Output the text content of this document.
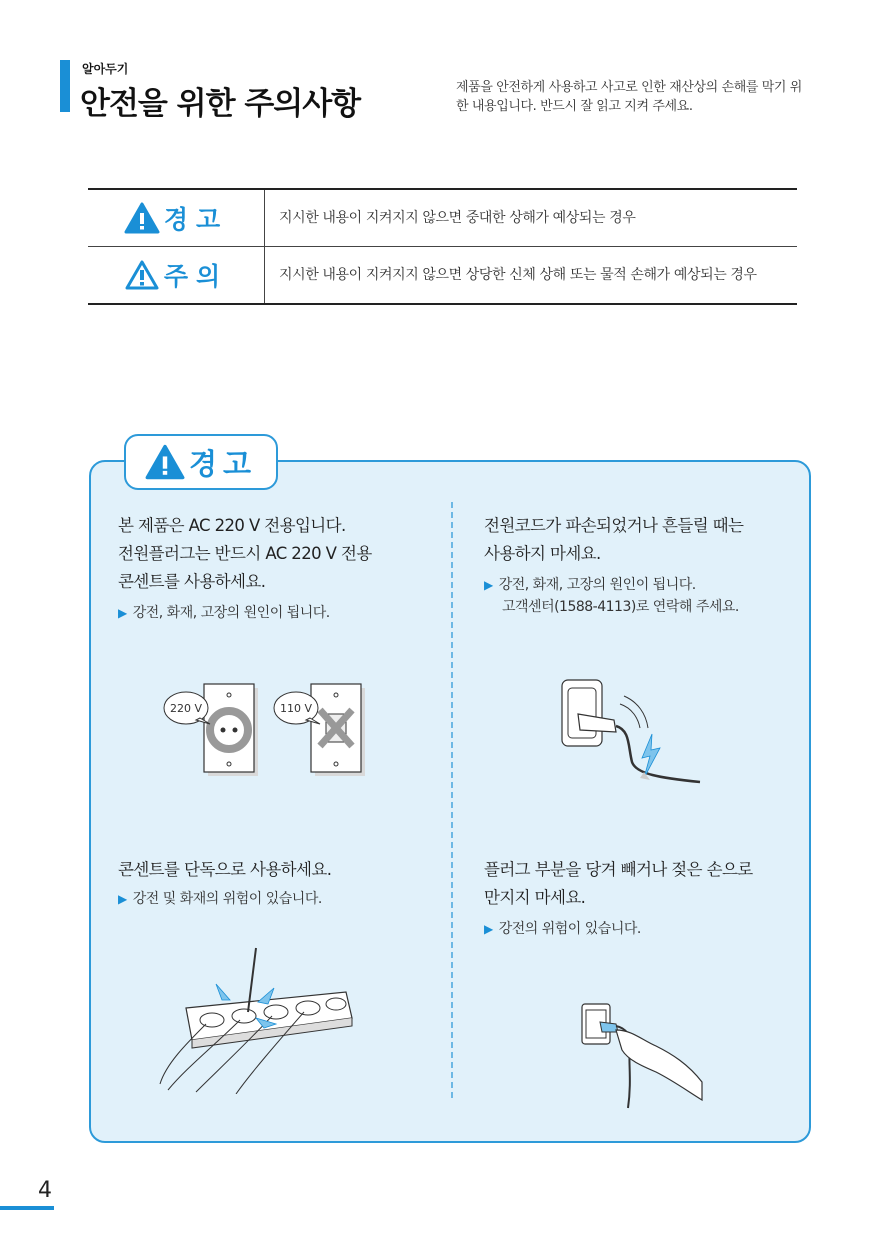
알아두기
안전을 위한 주의사항	제품을 안전하게 사용하고 사고로 인한 재산상의 손해를 막기 위한 내용입니다. 반드시 잘 읽고 지켜 주세요.
경고	지시한 내용이 지켜지지 않으면 중대한 상해가 예상되는 경우
주의	지시한 내용이 지켜지지 않으면 상당한 신체 상해 또는 물적 손해가 예상되는 경우
경고
본 제품은 AC 220 V 전용입니다.
전원플러그는 반드시 AC 220 V 전용
콘센트를 사용하세요.
▶ 강전, 화재, 고장의 원인이 됩니다.
220 V	110 V
전원코드가 파손되었거나 흔들릴 때는
사용하지 마세요.
▶ 강전, 화재, 고장의 원인이 됩니다.
고객센터(1588-4113)로 연락해 주세요.
콘센트를 단독으로 사용하세요.
▶ 강전 및 화재의 위험이 있습니다.
플러그 부분을 당겨 빼거나 젖은 손으로
만지지 마세요.
▶ 강전의 위험이 있습니다.
4
